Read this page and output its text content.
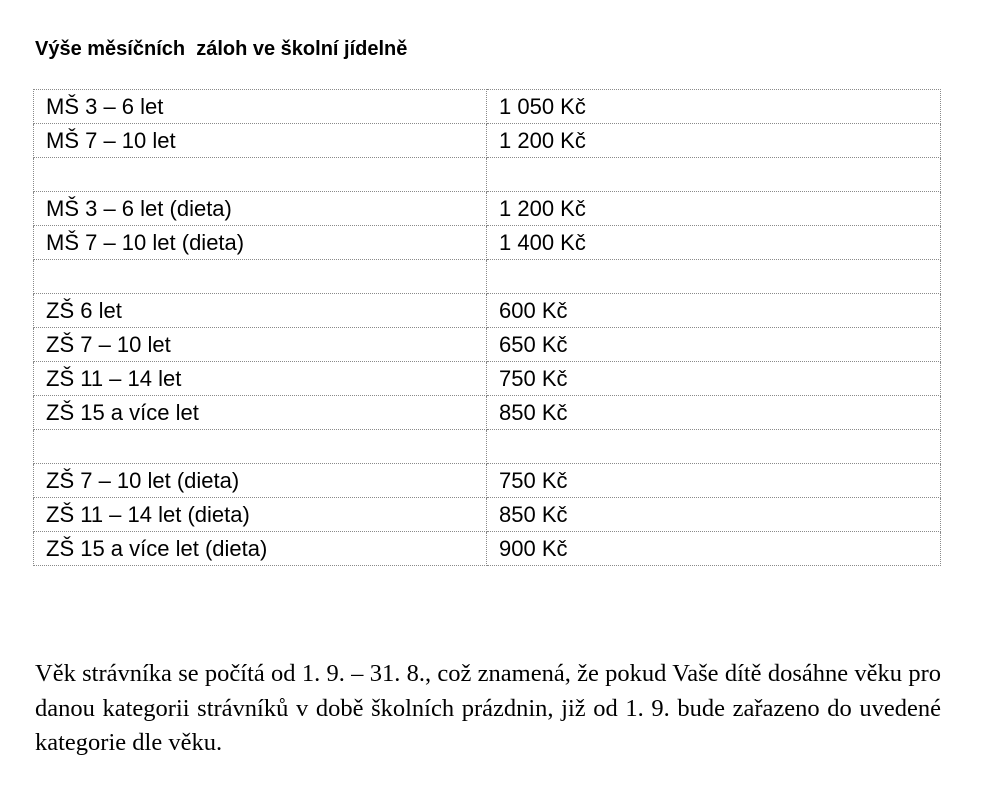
Výše měsíčních  záloh ve školní jídelně
MŠ 3 – 6 let	1 050 Kč
MŠ 7 – 10 let	1 200 Kč

MŠ 3 – 6 let (dieta)	1 200 Kč
MŠ 7 – 10 let (dieta)	1 400 Kč

ZŠ 6 let	600 Kč
ZŠ 7 – 10 let	650 Kč
ZŠ 11 – 14 let	750 Kč
ZŠ 15 a více let	850 Kč

ZŠ 7 – 10 let (dieta)	750 Kč
ZŠ 11 – 14 let (dieta)	850 Kč
ZŠ 15 a více let (dieta)	900 Kč

Věk strávníka se počítá od 1. 9. – 31. 8., což znamená, že pokud Vaše dítě dosáhne věku pro danou kategorii strávníků v době školních prázdnin, již od 1. 9. bude zařazeno do uvedené kategorie dle věku.
